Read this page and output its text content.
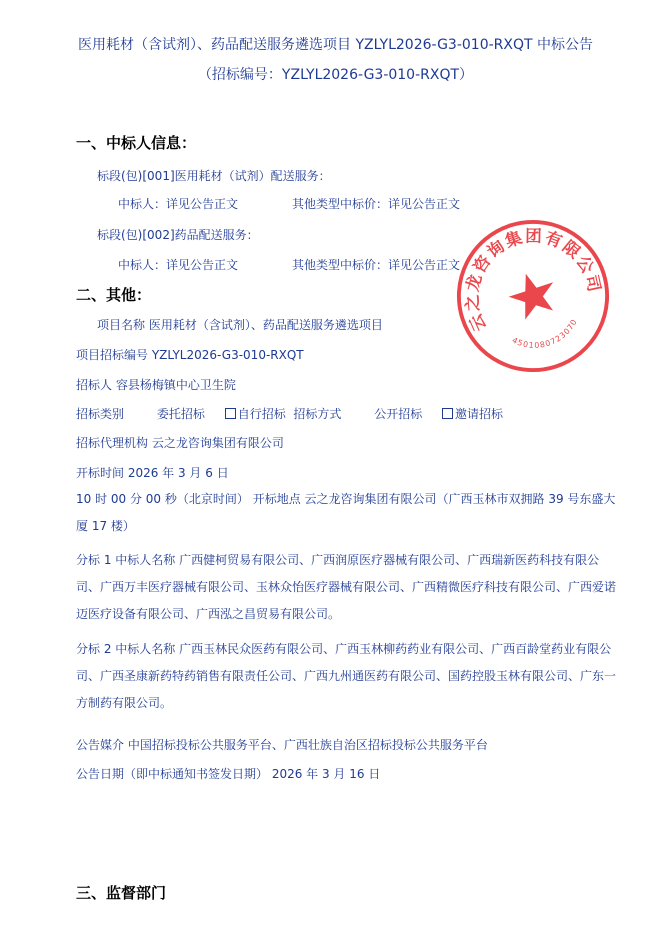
医用耗材（含试剂）、药品配送服务遴选项目 YZLYL2026-G3-010-RXQT 中标公告
（招标编号：YZLYL2026-G3-010-RXQT）
一、中标人信息：
标段(包)[001]医用耗材（试剂）配送服务：
中标人：详见公告正文	其他类型中标价：详见公告正文
标段(包)[002]药品配送服务：
中标人：详见公告正文	其他类型中标价：详见公告正文
二、其他：
项目名称 医用耗材（含试剂）、药品配送服务遴选项目
项目招标编号 YZLYL2026-G3-010-RXQT
招标人 容县杨梅镇中心卫生院
招标类别	委托招标	自行招标 招标方式	公开招标	邀请招标
招标代理机构 云之龙咨询集团有限公司
开标时间 2026 年 3 月 6 日
10 时 00 分 00 秒（北京时间） 开标地点 云之龙咨询集团有限公司（广西玉林市双拥路 39 号东盛大厦 17 楼）
分标 1 中标人名称 广西健柯贸易有限公司、广西润原医疗器械有限公司、广西瑞新医药科技有限公司、广西万丰医疗器械有限公司、玉林众怡医疗器械有限公司、广西精微医疗科技有限公司、广西爱诺迈医疗设备有限公司、广西泓之昌贸易有限公司。
分标 2 中标人名称 广西玉林民众医药有限公司、广西玉林柳药药业有限公司、广西百龄堂药业有限公司、广西圣康新药特药销售有限责任公司、广西九州通医药有限公司、国药控股玉林有限公司、广东一方制药有限公司。
公告媒介 中国招标投标公共服务平台、广西壮族自治区招标投标公共服务平台
公告日期（即中标通知书签发日期） 2026 年 3 月 16 日
三、监督部门
云之龙咨询集团有限公司
4501080723070
